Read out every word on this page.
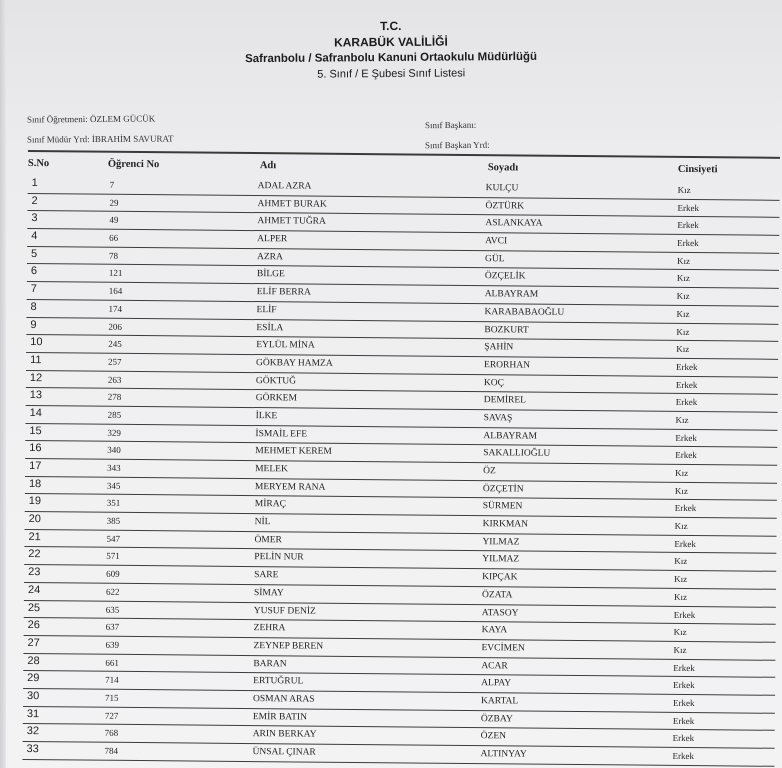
T.C.
KARABÜK VALİLİĞİ
Safranbolu / Safranbolu Kanuni Ortaokulu Müdürlüğü
5. Sınıf / E Şubesi Sınıf Listesi
Sınıf Öğretmeni: ÖZLEM GÜCÜK
Sınıf Müdür Yrd: İBRAHİM SAVURAT
Sınıf Başkanı:
Sınıf Başkan Yrd:
S.No	Öğrenci No	Adı	Soyadı	Cinsiyeti
1	7	ADAL AZRA	KULÇU	Kız
2	29	AHMET BURAK	ÖZTÜRK	Erkek
3	49	AHMET TUĞRA	ASLANKAYA	Erkek
4	66	ALPER	AVCI	Erkek
5	78	AZRA	GÜL	Kız
6	121	BİLGE	ÖZÇELİK	Kız
7	164	ELİF BERRA	ALBAYRAM	Kız
8	174	ELİF	KARABABAOĞLU	Kız
9	206	ESİLA	BOZKURT	Kız
10	245	EYLÜL MİNA	ŞAHİN	Kız
11	257	GÖKBAY HAMZA	ERORHAN	Erkek
12	263	GÖKTUĞ	KOÇ	Erkek
13	278	GÖRKEM	DEMİREL	Erkek
14	285	İLKE	SAVAŞ	Kız
15	329	İSMAİL EFE	ALBAYRAM	Erkek
16	340	MEHMET KEREM	SAKALLIOĞLU	Erkek
17	343	MELEK	ÖZ	Kız
18	345	MERYEM RANA	ÖZÇETİN	Kız
19	351	MİRAÇ	SÜRMEN	Erkek
20	385	NİL	KIRKMAN	Kız
21	547	ÖMER	YILMAZ	Erkek
22	571	PELİN NUR	YILMAZ	Kız
23	609	SARE	KIPÇAK	Kız
24	622	SİMAY	ÖZATA	Kız
25	635	YUSUF DENİZ	ATASOY	Erkek
26	637	ZEHRA	KAYA	Kız
27	639	ZEYNEP BEREN	EVCİMEN	Kız
28	661	BARAN	ACAR	Erkek
29	714	ERTUĞRUL	ALPAY	Erkek
30	715	OSMAN ARAS	KARTAL	Erkek
31	727	EMİR BATIN	ÖZBAY	Erkek
32	768	ARIN BERKAY	ÖZEN	Erkek
33	784	ÜNSAL ÇINAR	ALTINYAY	Erkek
